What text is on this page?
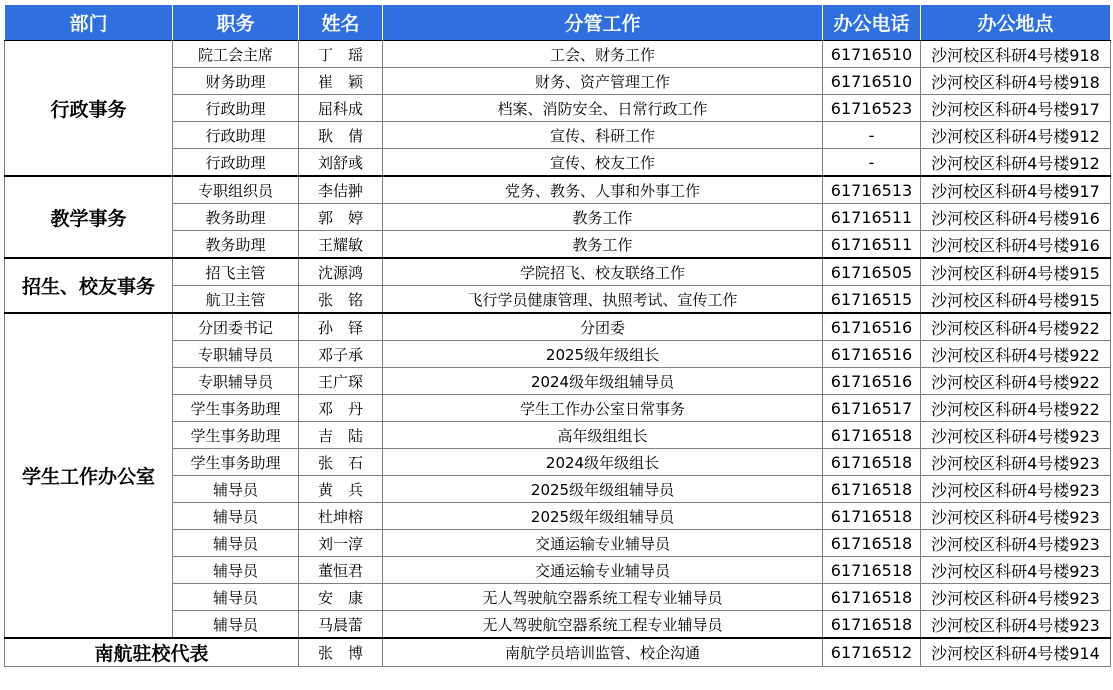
部门	职务	姓名	分管工作	办公电话	办公地点
行政事务	院工会主席	丁　瑶	工会、财务工作	61716510	沙河校区科研4号楼918
	财务助理	崔　颖	财务、资产管理工作	61716510	沙河校区科研4号楼918
	行政助理	屈科成	档案、消防安全、日常行政工作	61716523	沙河校区科研4号楼917
	行政助理	耿　倩	宣传、科研工作	-	沙河校区科研4号楼912
	行政助理	刘舒彧	宣传、校友工作	-	沙河校区科研4号楼912
教学事务	专职组织员	李佶翀	党务、教务、人事和外事工作	61716513	沙河校区科研4号楼917
	教务助理	郭　婷	教务工作	61716511	沙河校区科研4号楼916
	教务助理	王耀敏	教务工作	61716511	沙河校区科研4号楼916
招生、校友事务	招飞主管	沈源鸿	学院招飞、校友联络工作	61716505	沙河校区科研4号楼915
	航卫主管	张　铭	飞行学员健康管理、执照考试、宣传工作	61716515	沙河校区科研4号楼915
学生工作办公室	分团委书记	孙　铎	分团委	61716516	沙河校区科研4号楼922
	专职辅导员	邓子承	2025级年级组长	61716516	沙河校区科研4号楼922
	专职辅导员	王广琛	2024级年级组辅导员	61716516	沙河校区科研4号楼922
	学生事务助理	邓　丹	学生工作办公室日常事务	61716517	沙河校区科研4号楼922
	学生事务助理	吉　陆	高年级组组长	61716518	沙河校区科研4号楼923
	学生事务助理	张　石	2024级年级组长	61716518	沙河校区科研4号楼923
	辅导员	黄　兵	2025级年级组辅导员	61716518	沙河校区科研4号楼923
	辅导员	杜坤榕	2025级年级组辅导员	61716518	沙河校区科研4号楼923
	辅导员	刘一淳	交通运输专业辅导员	61716518	沙河校区科研4号楼923
	辅导员	董恒君	交通运输专业辅导员	61716518	沙河校区科研4号楼923
	辅导员	安　康	无人驾驶航空器系统工程专业辅导员	61716518	沙河校区科研4号楼923
	辅导员	马晨蕾	无人驾驶航空器系统工程专业辅导员	61716518	沙河校区科研4号楼923
南航驻校代表		张　博	南航学员培训监管、校企沟通	61716512	沙河校区科研4号楼914
